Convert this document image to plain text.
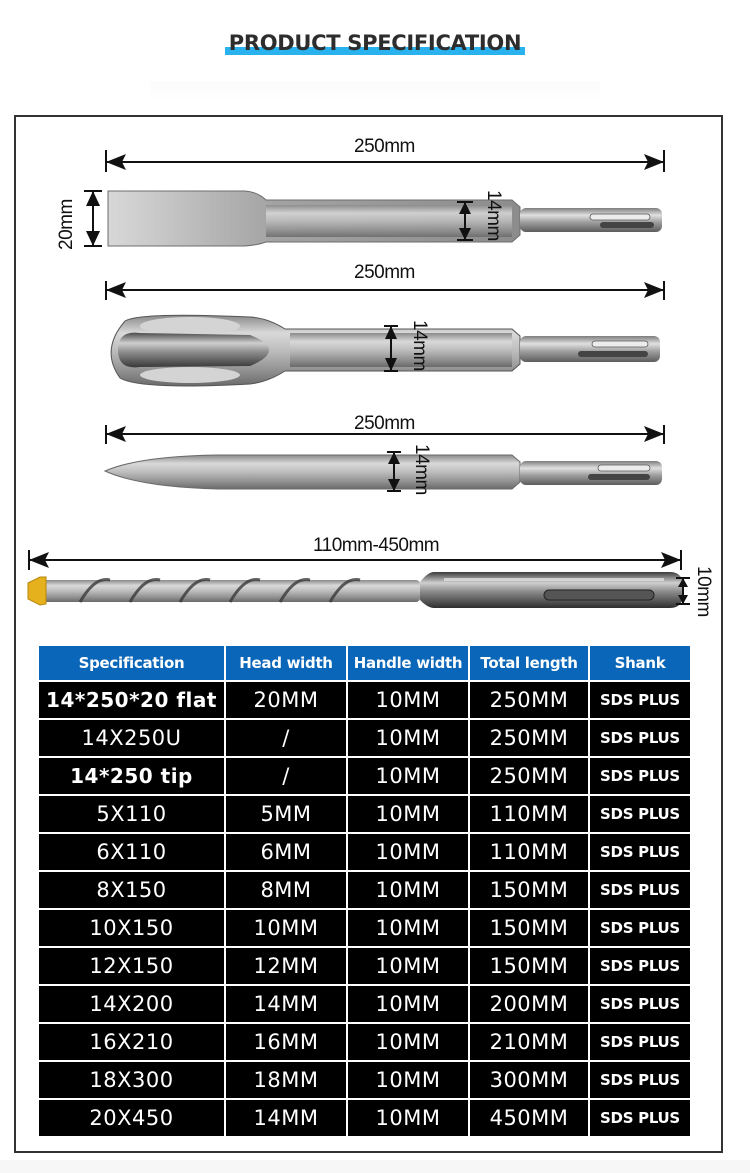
PRODUCT SPECIFICATION
250mm
20mm	14mm
250mm
14mm
250mm
14mm
110mm-450mm
10mm
Specification	Head width	Handle width	Total length	Shank
14*250*20 flat	20MM	10MM	250MM	SDS PLUS
14X250U	/	10MM	250MM	SDS PLUS
14*250 tip	/	10MM	250MM	SDS PLUS
5X110	5MM	10MM	110MM	SDS PLUS
6X110	6MM	10MM	110MM	SDS PLUS
8X150	8MM	10MM	150MM	SDS PLUS
10X150	10MM	10MM	150MM	SDS PLUS
12X150	12MM	10MM	150MM	SDS PLUS
14X200	14MM	10MM	200MM	SDS PLUS
16X210	16MM	10MM	210MM	SDS PLUS
18X300	18MM	10MM	300MM	SDS PLUS
20X450	14MM	10MM	450MM	SDS PLUS
